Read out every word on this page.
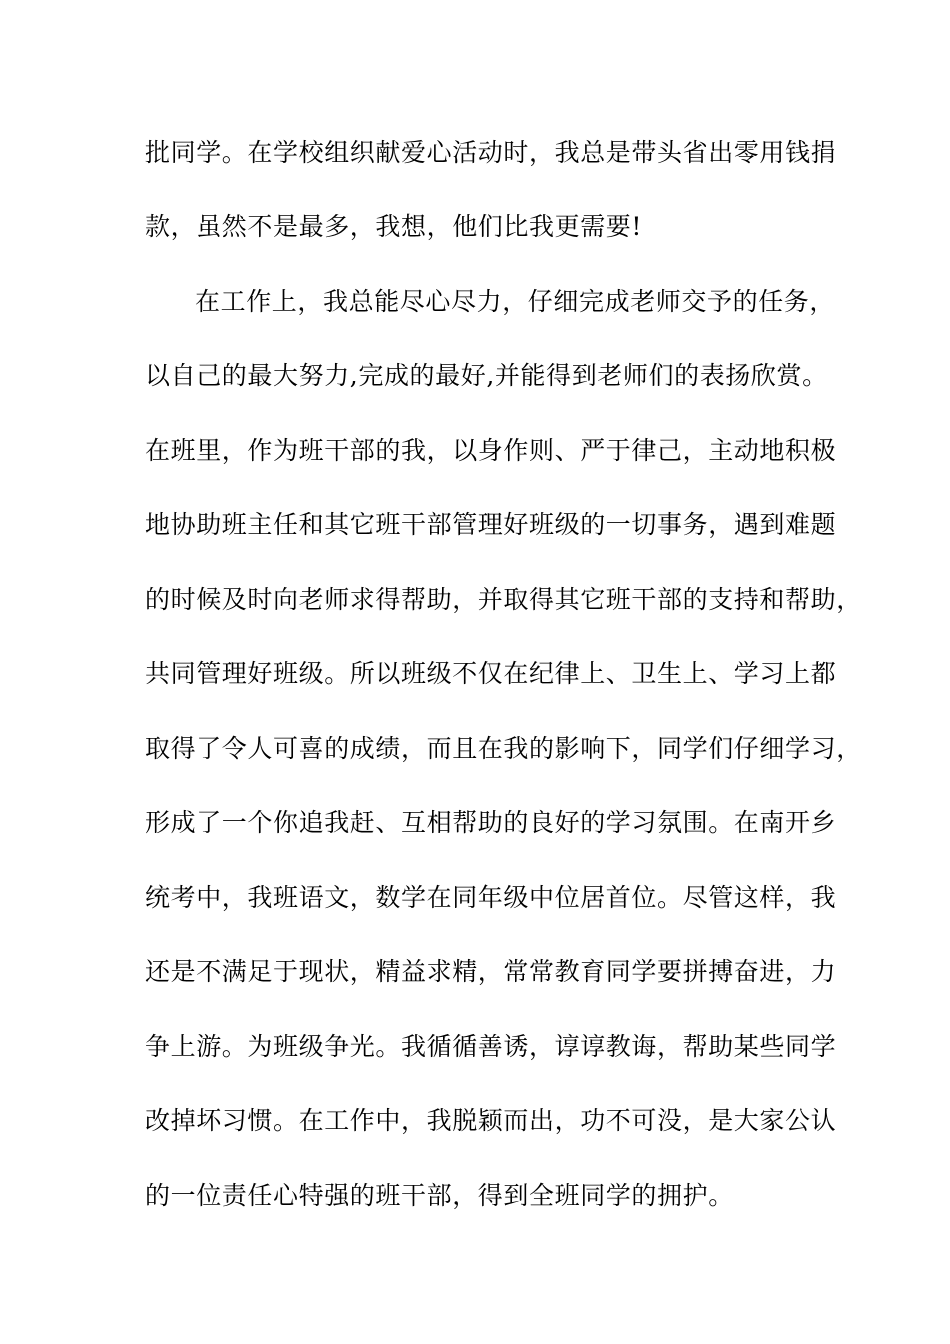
批同学。在学校组织献爱心活动时，我总是带头省出零用钱捐
款，虽然不是最多，我想，他们比我更需要!
在工作上，我总能尽心尽力，仔细完成老师交予的任务，
以自己的最大努力,完成的最好,并能得到老师们的表扬欣赏。
在班里，作为班干部的我，以身作则、严于律己，主动地积极
地协助班主任和其它班干部管理好班级的一切事务，遇到难题
的时候及时向老师求得帮助，并取得其它班干部的支持和帮助，
共同管理好班级。所以班级不仅在纪律上、卫生上、学习上都
取得了令人可喜的成绩，而且在我的影响下，同学们仔细学习，
形成了一个你追我赶、互相帮助的良好的学习氛围。在南开乡
统考中，我班语文，数学在同年级中位居首位。尽管这样，我
还是不满足于现状，精益求精，常常教育同学要拼搏奋进，力
争上游。为班级争光。我循循善诱，谆谆教诲，帮助某些同学
改掉坏习惯。在工作中，我脱颖而出，功不可没，是大家公认
的一位责任心特强的班干部，得到全班同学的拥护。
